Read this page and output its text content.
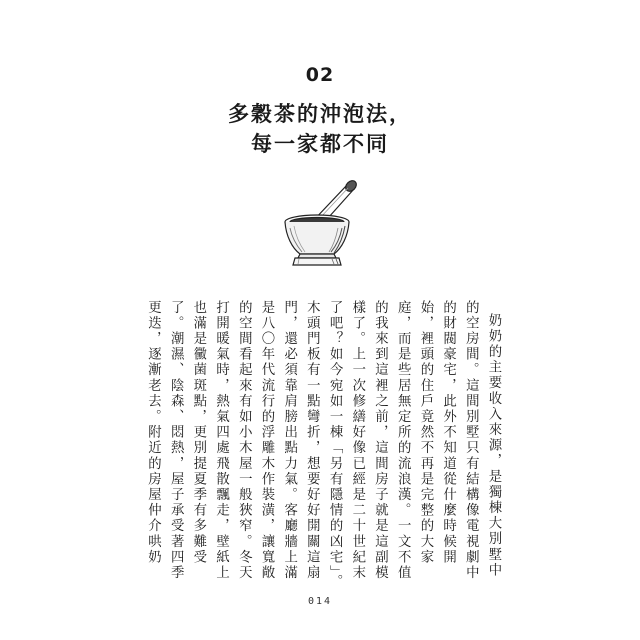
02
多穀茶的沖泡法，
每一家都不同

奶奶的主要收入來源，是獨棟大別墅中的空房間。這間別墅只有結構像電視劇中的財閥豪宅，此外不知道從什麼時候開始，裡頭的住戶竟然不再是完整的大家庭，而是些居無定所的流浪漢。一文不值的我來到這裡之前，這間房子就是這副模樣了。上一次修繕好像已經是二十世紀末了吧？如今宛如一棟「另有隱情的凶宅」。木頭門板有一點彎折，想要好好開關這扇門，還必須靠肩膀出點力氣。客廳牆上滿是八〇年代流行的浮雕木作裝潢，讓寬敞的空間看起來有如小木屋一般狹窄。冬天打開暖氣時，熱氣四處飛散飄走，壁紙上也滿是黴菌斑點，更別提夏季有多難受了。潮濕、陰森、悶熱，屋子承受著四季更迭，逐漸老去。附近的房屋仲介哄奶

014
